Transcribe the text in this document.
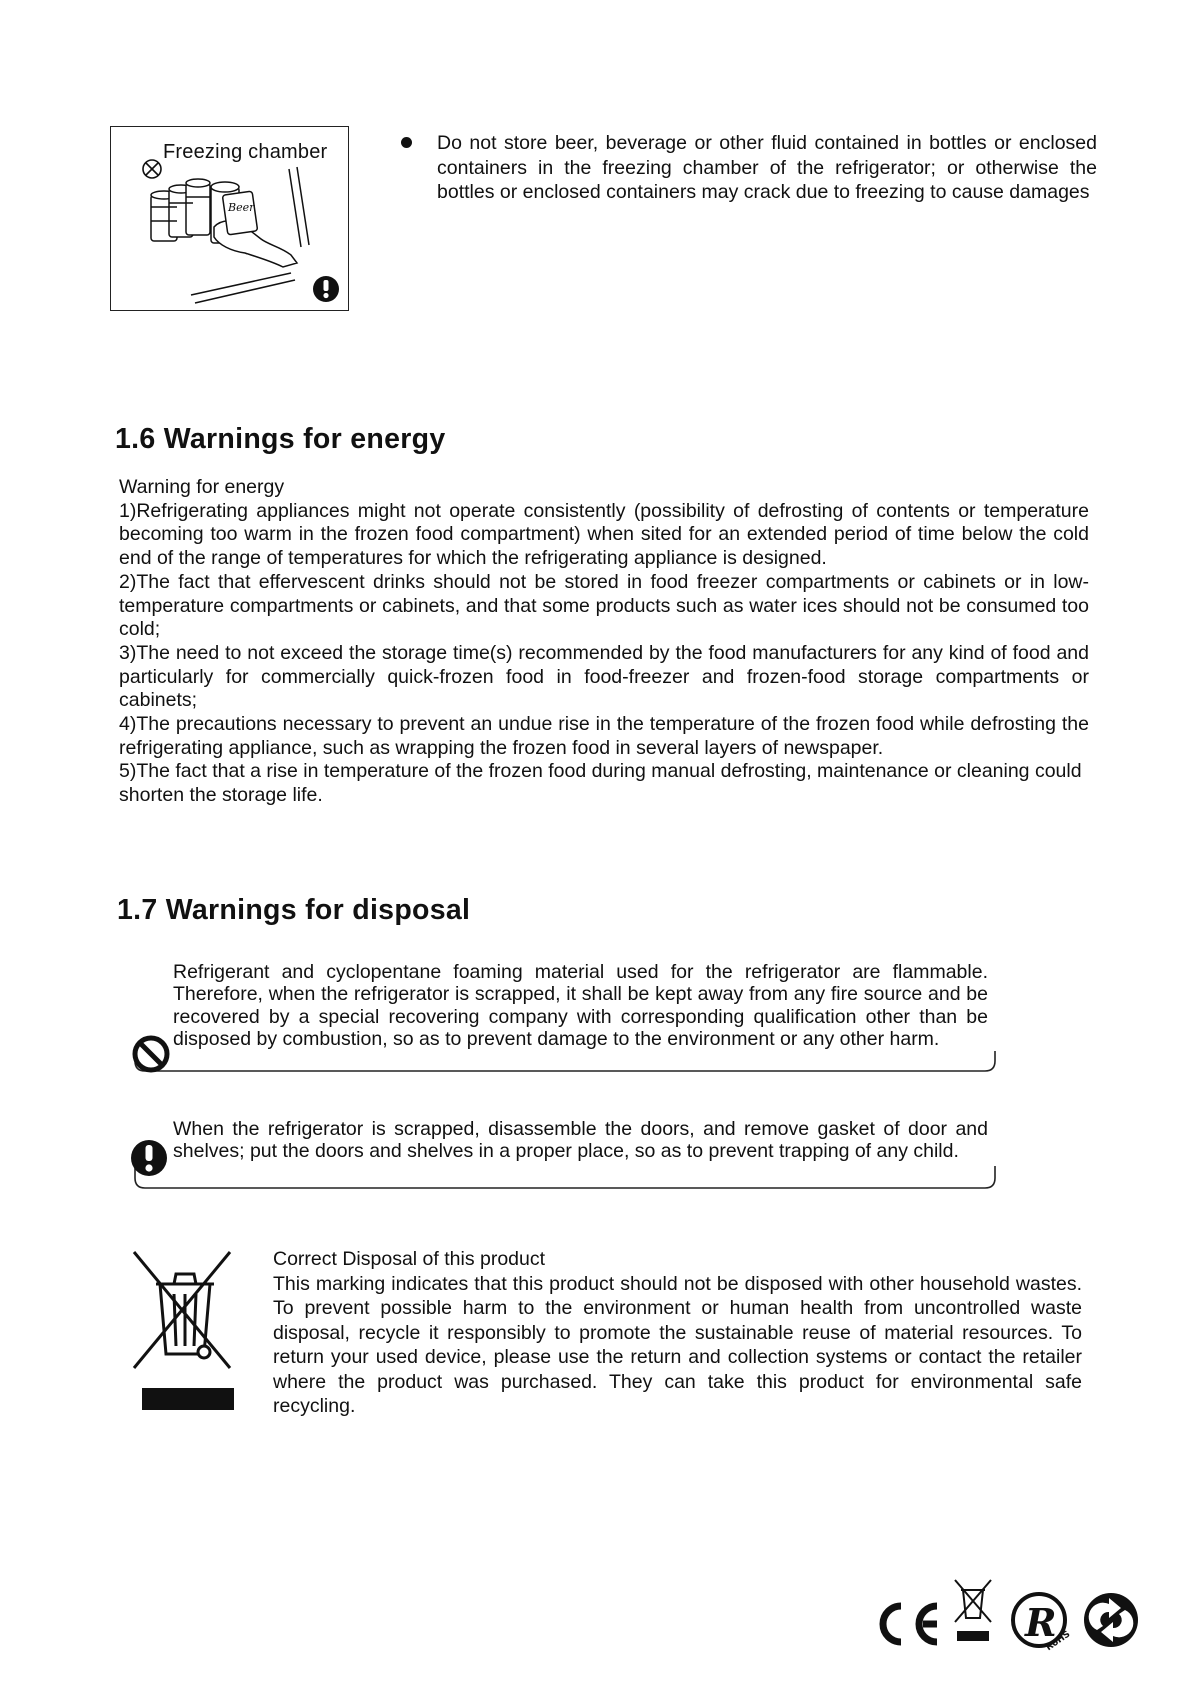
Beer
Freezing chamber	Do not store beer, beverage or other fluid contained in bottles or enclosed containers in the freezing chamber of the refrigerator; or otherwise the bottles or enclosed containers may crack due to freezing to cause damages
1.6 Warnings for energy

Warning for energy

1)Refrigerating appliances might not operate consistently (possibility of defrosting of contents or temperature becoming too warm in the frozen food compartment) when sited for an extended period of time below the cold end of the range of temperatures for which the refrigerating appliance is designed.

2)The fact that effervescent drinks should not be stored in food freezer compartments or cabinets or in low-temperature compartments or cabinets, and that some products such as water ices should not be consumed too cold;

3)The need to not exceed the storage time(s) recommended by the food manufacturers for any kind of food and particularly for commercially quick-frozen food in food-freezer and frozen-food storage compartments or cabinets;

4)The precautions necessary to prevent an undue rise in the temperature of the frozen food while defrosting the refrigerating appliance, such as wrapping the frozen food in several layers of newspaper.

5)The fact that a rise in temperature of the frozen food during manual defrosting, maintenance or cleaning could shorten the storage life.

1.7 Warnings for disposal
Refrigerant and cyclopentane foaming material used for the refrigerator are flammable. Therefore, when the refrigerator is scrapped, it shall be kept away from any fire source and be recovered by a special recovering company with corresponding qualification other than be disposed by combustion, so as to prevent damage to the environment or any other harm.
When the refrigerator is scrapped, disassemble the doors, and remove gasket of door and shelves; put the doors and shelves in a proper place, so as to prevent trapping of any child.

Correct Disposal of this product

This marking indicates that this product should not be disposed with other household wastes. To prevent possible harm to the environment or human health from uncontrolled waste disposal, recycle it responsibly to promote the sustainable reuse of material resources. To return your used device, please use the return and collection systems or contact the retailer where the product was purchased. They can take this product for environmental safe recycling.

R
RoHS
